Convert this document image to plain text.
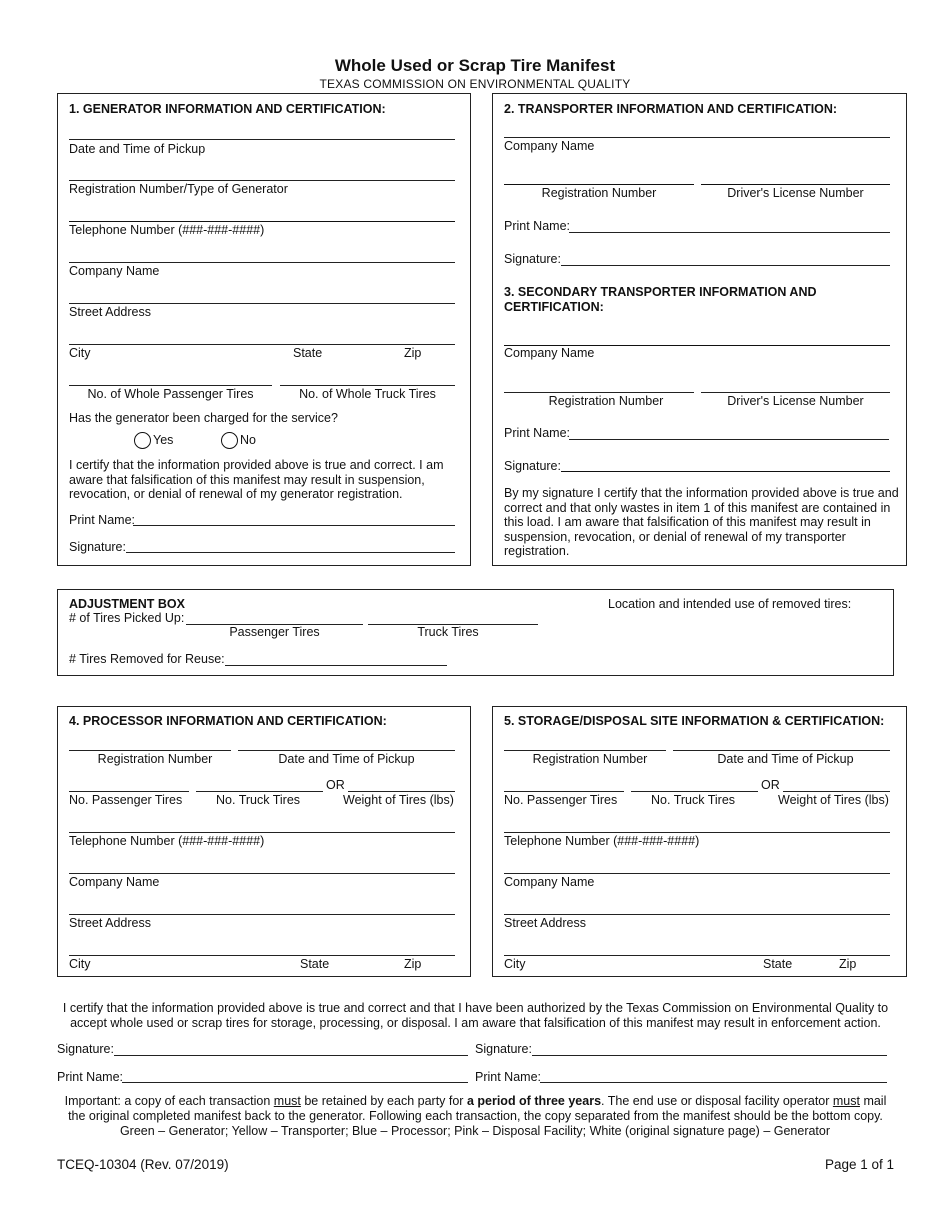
Whole Used or Scrap Tire Manifest
TEXAS COMMISSION ON ENVIRONMENTAL QUALITY
1. GENERATOR INFORMATION AND CERTIFICATION:
Date and Time of Pickup
Registration Number/Type of Generator
Telephone Number (###-###-####)
Company Name
Street Address
City	State	Zip
No. of Whole Passenger Tires	No. of Whole Truck Tires
Has the generator been charged for the service?
Yes	No
I certify that the information provided above is true and correct. I am aware that falsification of this manifest may result in suspension, revocation, or denial of renewal of my generator registration.
Print Name:
Signature:
2. TRANSPORTER INFORMATION AND CERTIFICATION:
Company Name
Registration Number	Driver's License Number
Print Name:
Signature:
3. SECONDARY TRANSPORTER INFORMATION AND CERTIFICATION:
Company Name
Registration Number	Driver's License Number
Print Name:
Signature:
By my signature I certify that the information provided above is true and correct and that only wastes in item 1 of this manifest are contained in this load. I am aware that falsification of this manifest may result in suspension, revocation, or denial of renewal of my transporter registration.
ADJUSTMENT BOX	Location and intended use of removed tires:
# of Tires Picked Up:
Passenger Tires	Truck Tires
# Tires Removed for Reuse:
4. PROCESSOR INFORMATION AND CERTIFICATION:
Registration Number	Date and Time of Pickup
OR
No. Passenger Tires	No. Truck Tires	Weight of Tires (lbs)
Telephone Number (###-###-####)
Company Name
Street Address
City	State	Zip
5. STORAGE/DISPOSAL SITE INFORMATION & CERTIFICATION:
Registration Number	Date and Time of Pickup
OR
No. Passenger Tires	No. Truck Tires	Weight of Tires (lbs)
Telephone Number (###-###-####)
Company Name
Street Address
City	State	Zip
I certify that the information provided above is true and correct and that I have been authorized by the Texas Commission on Environmental Quality to accept whole used or scrap tires for storage, processing, or disposal. I am aware that falsification of this manifest may result in enforcement action.
Signature:	Signature:
Print Name:	Print Name:
Important: a copy of each transaction must be retained by each party for a period of three years. The end use or disposal facility operator must mail the original completed manifest back to the generator. Following each transaction, the copy separated from the manifest should be the bottom copy.
Green – Generator; Yellow – Transporter; Blue – Processor; Pink – Disposal Facility; White (original signature page) – Generator
TCEQ-10304 (Rev. 07/2019)	Page 1 of 1
